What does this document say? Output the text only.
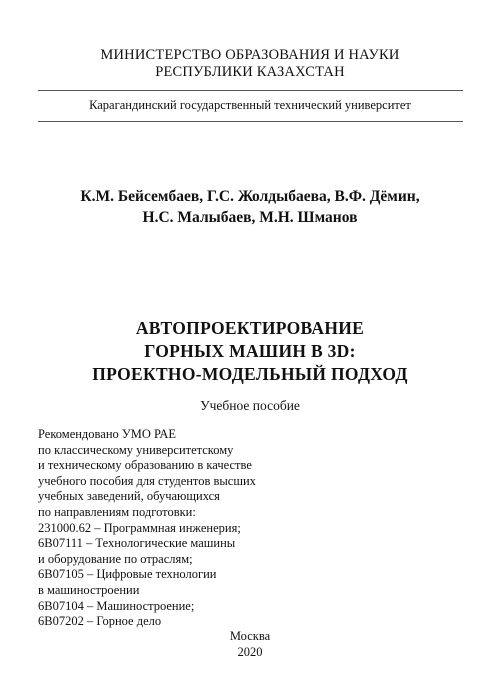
МИНИСТЕРСТВО ОБРАЗОВАНИЯ И НАУКИ
РЕСПУБЛИКИ КАЗАХСТАН
Карагандинский государственный технический университет
К.М. Бейсембаев, Г.С. Жолдыбаева, В.Ф. Дёмин,
Н.С. Малыбаев, М.Н. Шманов
АВТОПРОЕКТИРОВАНИЕ
ГОРНЫХ МАШИН В 3D:
ПРОЕКТНО-МОДЕЛЬНЫЙ ПОДХОД
Учебное пособие
Рекомендовано УМО РАЕ
по классическому университетскому
и техническому образованию в качестве
учебного пособия для студентов высших
учебных заведений, обучающихся
по направлениям подготовки:
231000.62 – Программная инженерия;
6В07111 – Технологические машины
и оборудование по отраслям;
6В07105 – Цифровые технологии
в машиностроении
6В07104 – Машиностроение;
6В07202 – Горное дело
Москва
2020
